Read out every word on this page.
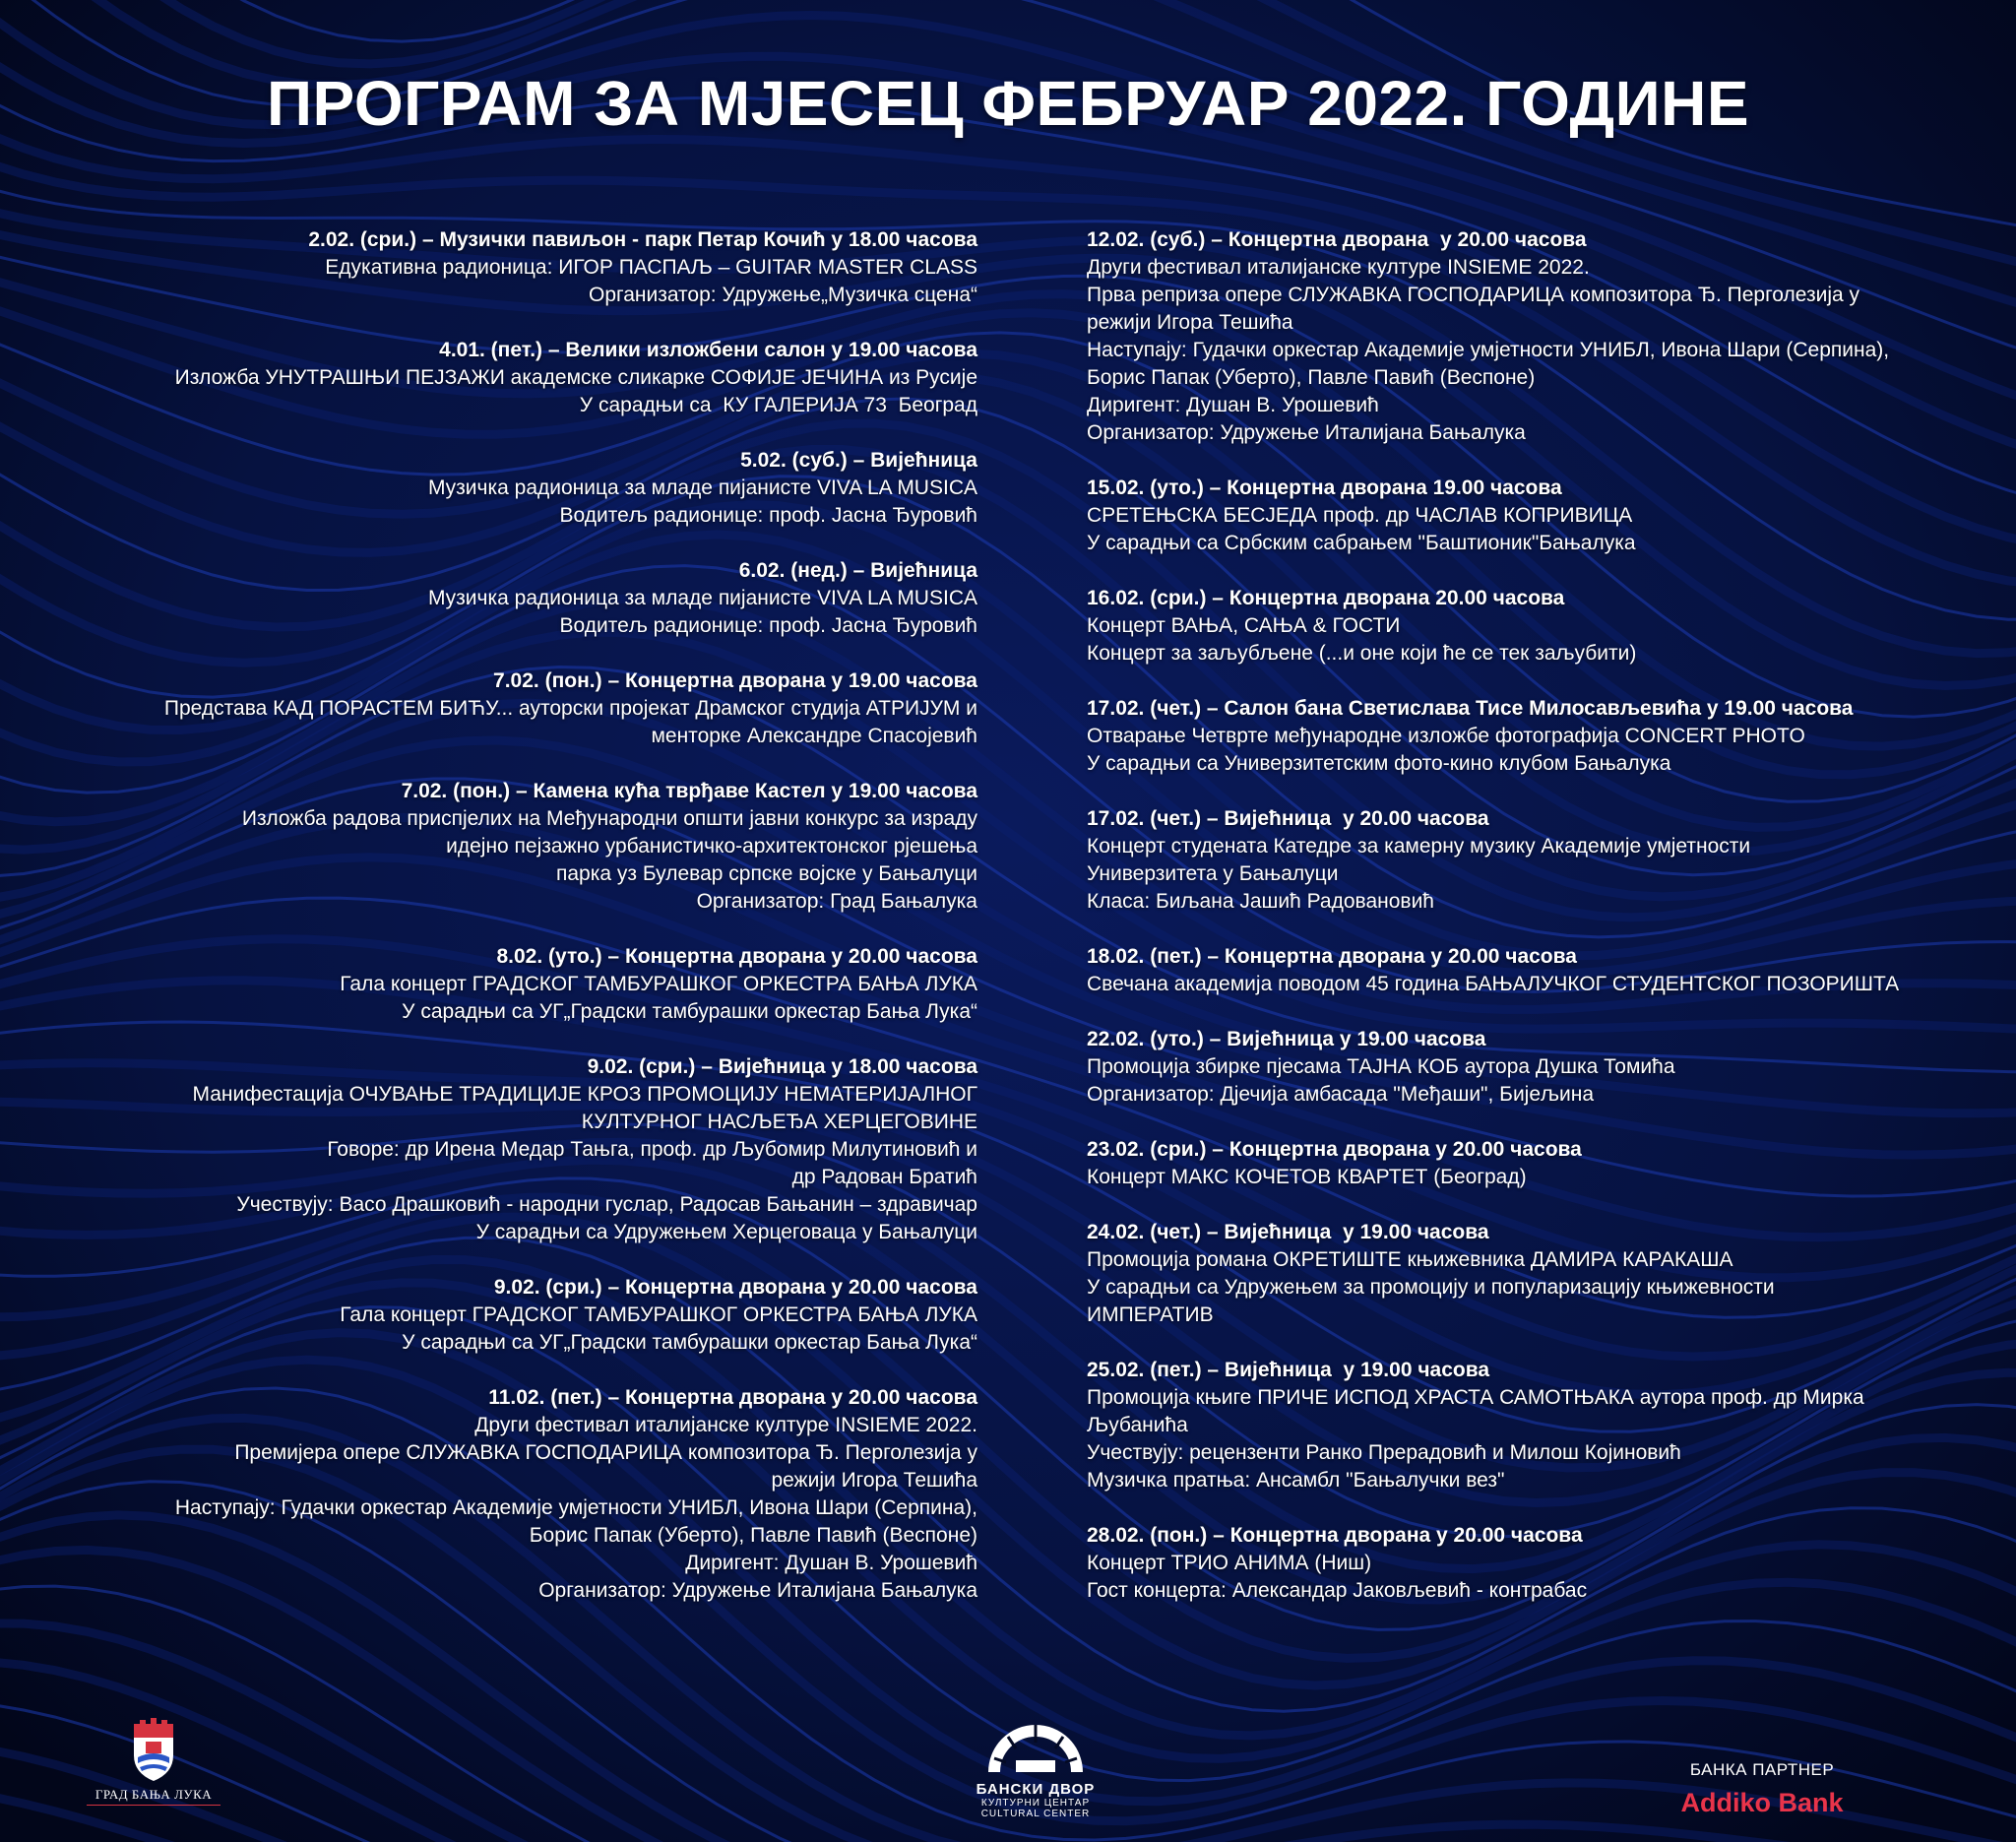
ПРОГРАМ ЗА МЈЕСЕЦ ФЕБРУАР 2022. ГОДИНЕ
2.02. (сри.) – Музички павиљон - парк Петар Кочић у 18.00 часова
Едукативна радионица: ИГОР ПАСПАЉ – GUITAR MASTER CLASS
Организатор: Удружење„Музичка сцена“
4.01. (пет.) – Велики изложбени салон у 19.00 часова
Изложба УНУТРАШЊИ ПЕЈЗАЖИ академске сликарке СОФИЈЕ ЈЕЧИНА из Русије
У сарадњи са  КУ ГАЛЕРИЈА 73  Београд
5.02. (суб.) – Вијећница
Музичка радионица за младе пијанисте VIVA LA MUSICA
Водитељ радионице: проф. Јасна Ђуровић
6.02. (нед.) – Вијећница
Музичка радионица за младе пијанисте VIVA LA MUSICA
Водитељ радионице: проф. Јасна Ђуровић
7.02. (пон.) – Концертна дворана у 19.00 часова
Представа КАД ПОРАСТЕМ БИЋУ... ауторски пројекат Драмског студија АТРИЈУМ и
менторке Александре Спасојевић
7.02. (пон.) – Камена кућа тврђаве Кастел у 19.00 часова
Изложба радова приспјелих на Међународни општи јавни конкурс за израду
идејно пејзажно урбанистичко-архитектонског рјешења
парка уз Булевар српске војске у Бањалуци
Организатор: Град Бањалука
8.02. (уто.) – Концертна дворана у 20.00 часова
Гала концерт ГРАДСКОГ ТАМБУРАШКОГ ОРКЕСТРА БАЊА ЛУКА
У сарадњи са УГ„Градски тамбурашки оркестар Бања Лука“
9.02. (сри.) – Вијећница у 18.00 часова
Манифестација ОЧУВАЊЕ ТРАДИЦИЈЕ КРОЗ ПРОМОЦИЈУ НЕМАТЕРИЈАЛНОГ
КУЛТУРНОГ НАСЉЕЂА ХЕРЦЕГОВИНЕ
Говоре: др Ирена Медар Тањга, проф. др Љубомир Милутиновић и
др Радован Братић
Учествују: Васо Драшковић - народни гуслар, Радосав Бањанин – здравичар
У сарадњи са Удружењем Херцеговаца у Бањалуци
9.02. (сри.) – Концертна дворана у 20.00 часова
Гала концерт ГРАДСКОГ ТАМБУРАШКОГ ОРКЕСТРА БАЊА ЛУКА
У сарадњи са УГ„Градски тамбурашки оркестар Бања Лука“
11.02. (пет.) – Концертна дворана у 20.00 часова
Други фестивал италијанске културе INSIEME 2022.
Премијера опере СЛУЖАВКА ГОСПОДАРИЦА композитора Ђ. Перголезија у
режији Игора Тешића
Наступају: Гудачки оркестар Академије умјетности УНИБЛ, Ивона Шари (Серпина),
Борис Папак (Уберто), Павле Павић (Веспоне)
Диригент: Душан В. Урошевић
Организатор: Удружење Италијана Бањалука
12.02. (суб.) – Концертна дворана  у 20.00 часова
Други фестивал италијанске културе INSIEME 2022.
Прва реприза опере СЛУЖАВКА ГОСПОДАРИЦА композитора Ђ. Перголезија у
режији Игора Тешића
Наступају: Гудачки оркестар Академије умјетности УНИБЛ, Ивона Шари (Серпина),
Борис Папак (Уберто), Павле Павић (Веспоне)
Диригент: Душан В. Урошевић
Организатор: Удружење Италијана Бањалука
15.02. (уто.) – Концертна дворана 19.00 часова
СРЕТЕЊСКА БЕСЈЕДА проф. др ЧАСЛАВ КОПРИВИЦА
У сарадњи са Србским сабрањем "Баштионик"Бањалука
16.02. (сри.) – Концертна дворана 20.00 часова
Концерт ВАЊА, САЊА & ГОСТИ
Концерт за заљубљене (...и оне који ће се тек заљубити)
17.02. (чет.) – Салон бана Светислава Тисе Милосављевића у 19.00 часова
Отварање Четврте међународне изложбе фотографија CONCERT PHOTO
У сарадњи са Универзитетским фото-кино клубом Бањалука
17.02. (чет.) – Вијећница  у 20.00 часова
Концерт студената Катедре за камерну музику Академије умјетности
Универзитета у Бањалуци
Класа: Биљана Јашић Радовановић
18.02. (пет.) – Концертна дворана у 20.00 часова
Свечана академија поводом 45 година БАЊАЛУЧКОГ СТУДЕНТСКОГ ПОЗОРИШТА
22.02. (уто.) – Вијећница у 19.00 часова
Промоција збирке пјесама ТАЈНА КОБ аутора Душка Томића
Организатор: Дјечија амбасада "Међаши", Бијељина
23.02. (сри.) – Концертна дворана у 20.00 часова
Концерт МАКС КОЧЕТОВ КВАРТЕТ (Београд)
24.02. (чет.) – Вијећница  у 19.00 часова
Промоција романа ОКРЕТИШТЕ књижевника ДАМИРА КАРАКАША
У сарадњи са Удружењем за промоцију и популаризацију књижевности
ИМПЕРАТИВ
25.02. (пет.) – Вијећница  у 19.00 часова
Промоција књиге ПРИЧЕ ИСПОД ХРАСТА САМОТЊАКА аутора проф. др Мирка
Љубанића
Учествују: рецензенти Ранко Прерадовић и Милош Којиновић
Музичка пратња: Ансамбл "Бањалучки вез"
28.02. (пон.) – Концертна дворана у 20.00 часова
Концерт ТРИО АНИМА (Ниш)
Гост концерта: Александар Јаковљевић - контрабас
ГРАД БАЊА ЛУКА	БАНСКИ ДВОР
КУЛТУРНИ ЦЕНТАР
CULTURAL CENTER
БАНКА ПАРТНЕР
Addiko Bank
